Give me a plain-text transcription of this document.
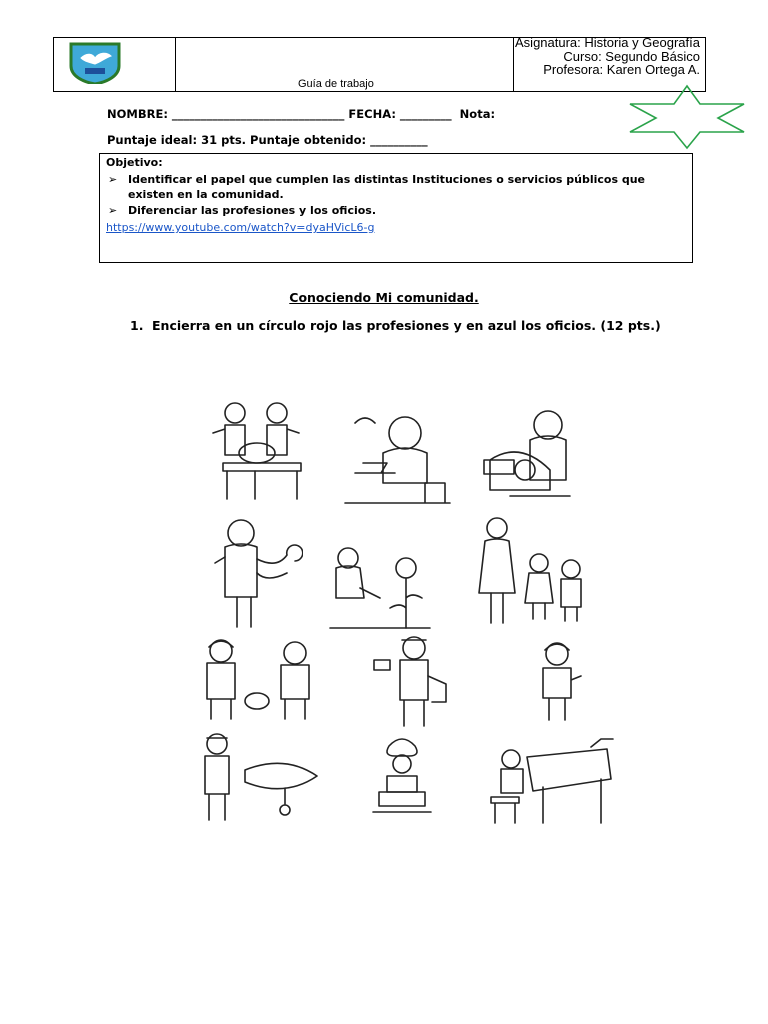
Asignatura: Historia y Geografía
Curso: Segundo Básico
Profesora: Karen Ortega A.
Guía de trabajo
NOMBRE: ______________________________ FECHA: _________  Nota:
Puntaje ideal: 31 pts. Puntaje obtenido: __________
Objetivo:
➢ Identificar el papel que cumplen las distintas Instituciones o servicios públicos que existen en la comunidad.
➢ Diferenciar las profesiones y los oficios.
https://www.youtube.com/watch?v=dyaHVicL6-g
Conociendo Mi comunidad.
1. Encierra en un círculo rojo las profesiones y en azul los oficios. (12 pts.)
